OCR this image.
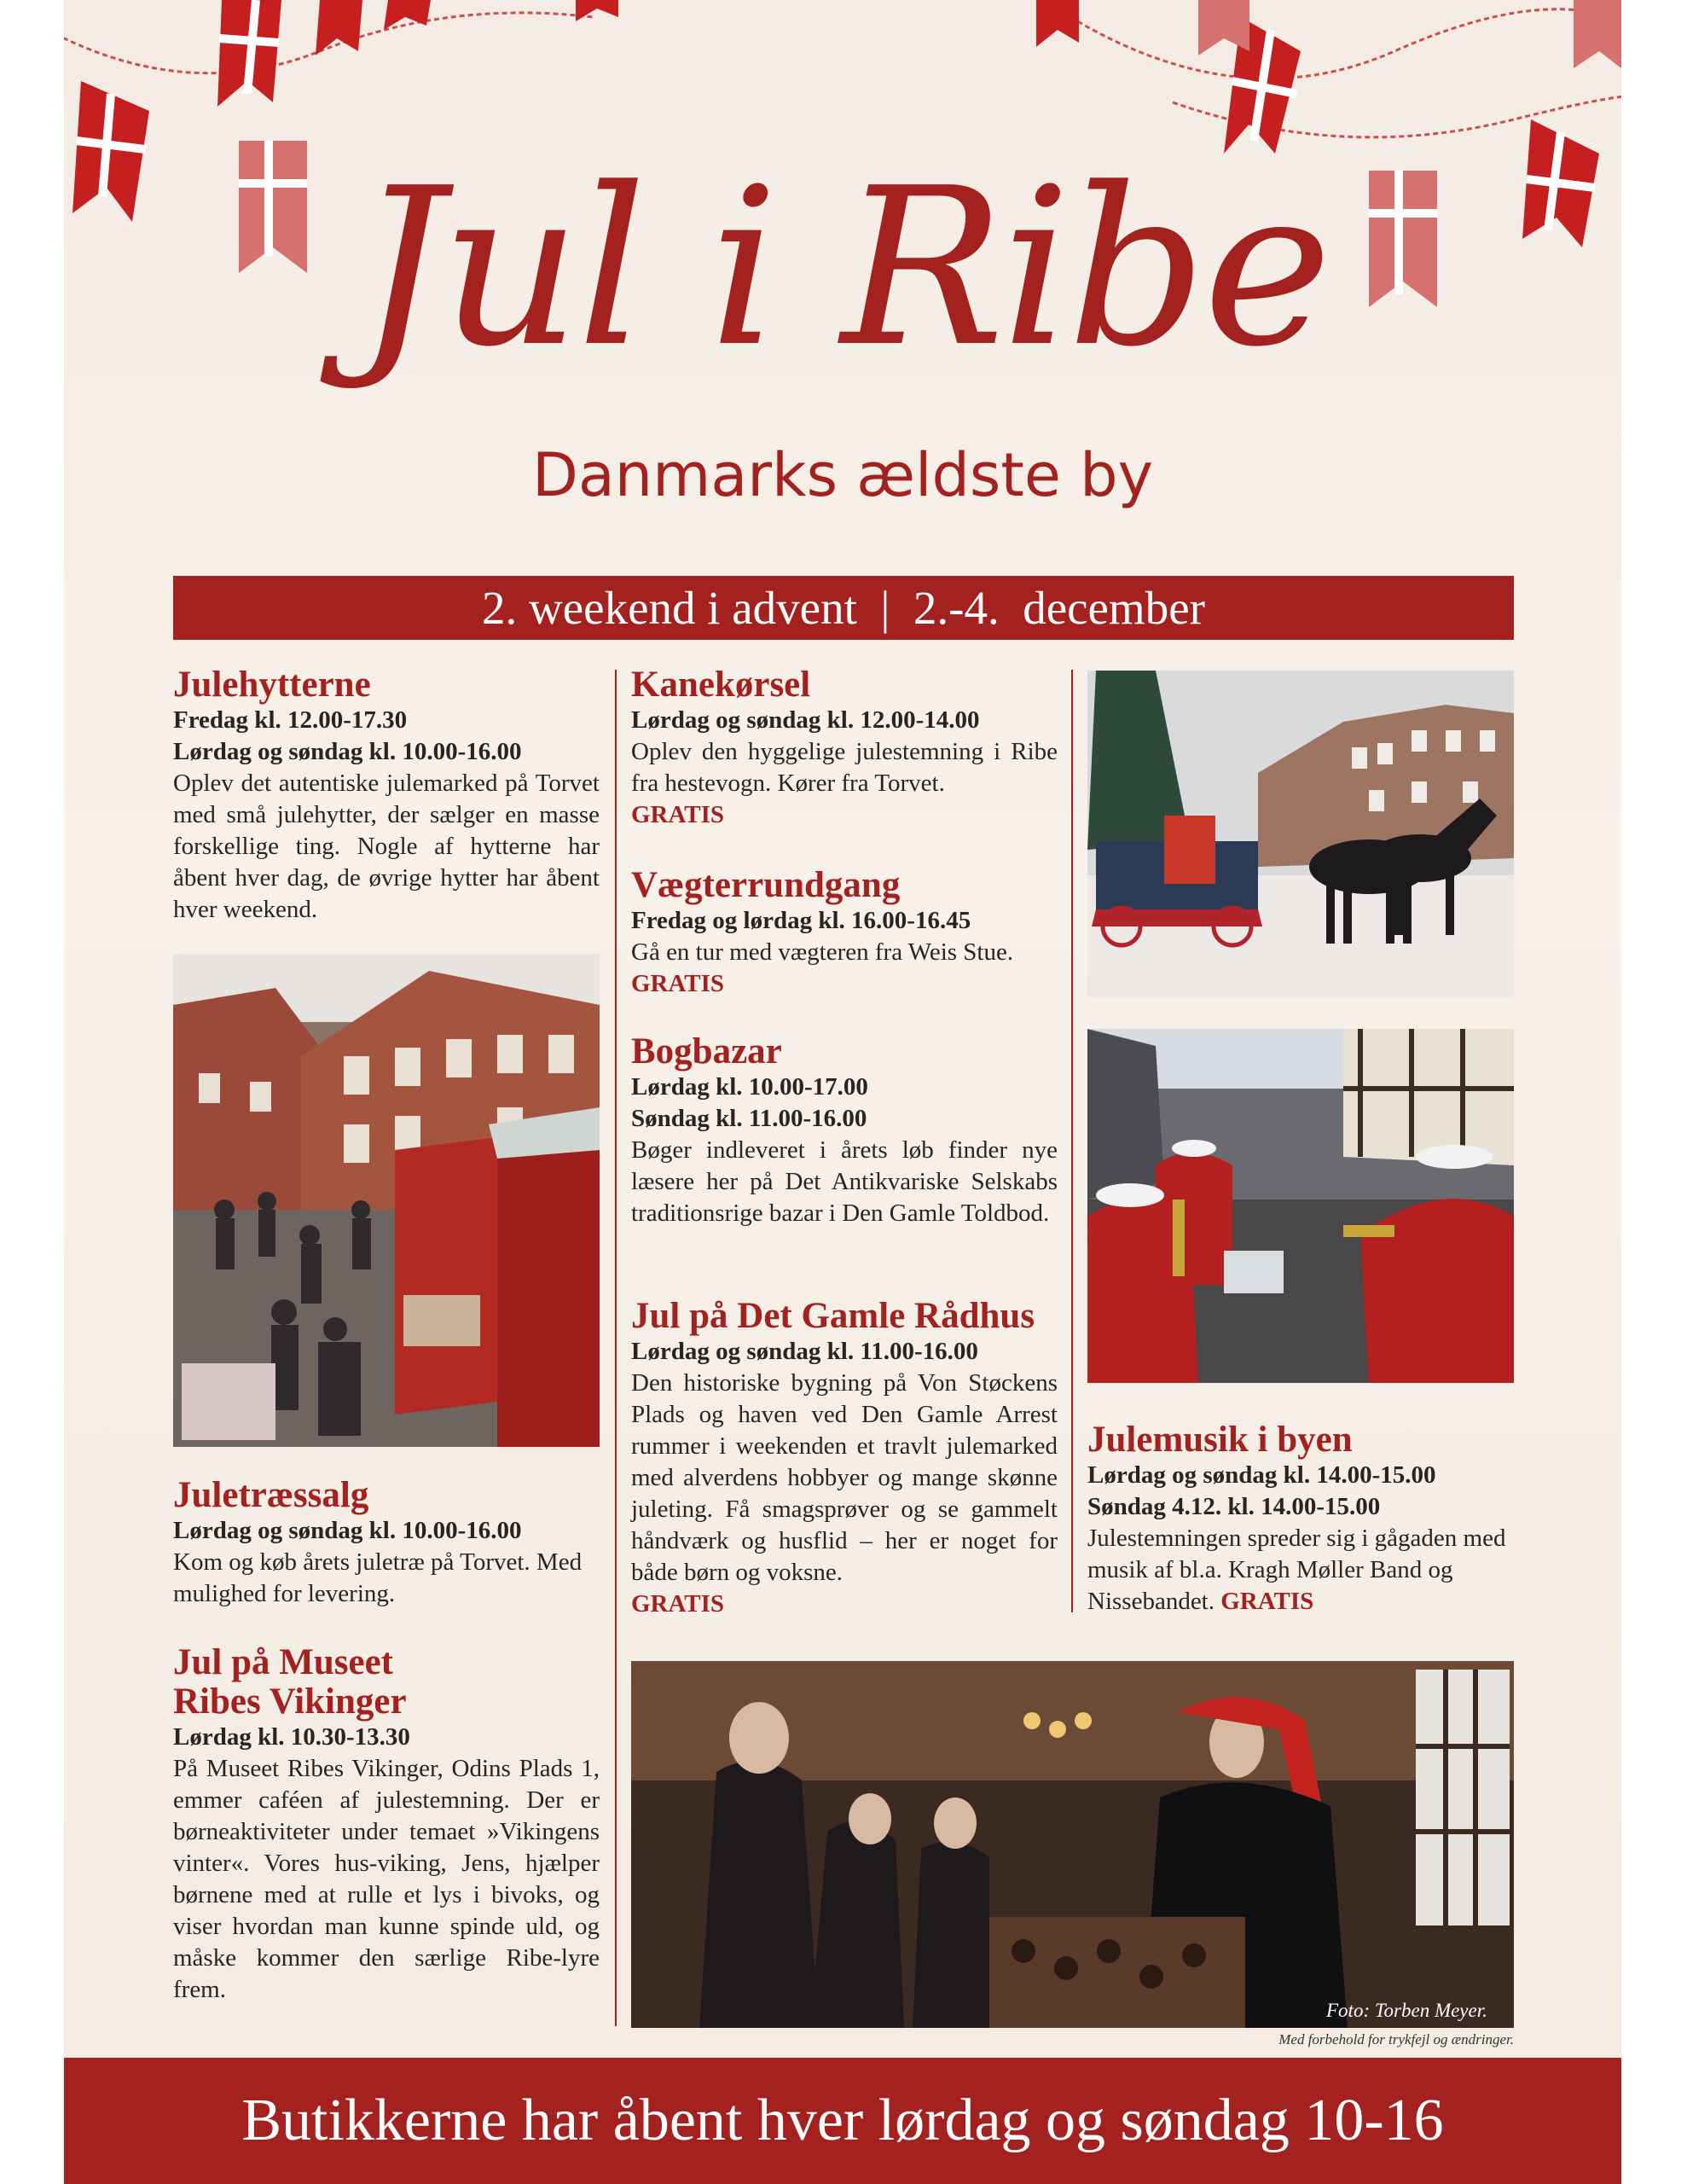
Jul i Ribe
Danmarks ældste by
2. weekend i advent  |  2.-4.  december
Julehytterne
Fredag kl. 12.00-17.30
Lørdag og søndag kl. 10.00-16.00

Oplev det autentiske julemarked på Torvet med små julehytter, der sælger en masse forskellige ting. Nogle af hytterne har åbent hver dag, de øvrige hytter har åbent hver weekend.

Juletræssalg
Lørdag og søndag kl. 10.00-16.00

Kom og køb årets juletræ på Torvet. Med mulighed for levering.

Jul på Museet
Ribes Vikinger
Lørdag kl. 10.30-13.30

På Museet Ribes Vikinger, Odins Plads 1, emmer caféen af julestemning. Der er børneaktiviteter under temaet »Vikingens vinter«. Vores hus-viking, Jens, hjælper børnene med at rulle et lys i bivoks, og viser hvordan man kunne spinde uld, og måske kommer den særlige Ribe-lyre frem.

Kanekørsel
Lørdag og søndag kl. 12.00-14.00

Oplev den hyggelige julestemning i Ribe fra hestevogn. Kører fra Torvet.

GRATIS
Vægterrundgang
Fredag og lørdag kl. 16.00-16.45

Gå en tur med vægteren fra Weis Stue.

GRATIS
Bogbazar
Lørdag kl. 10.00-17.00
Søndag kl. 11.00-16.00

Bøger indleveret i årets løb finder nye læsere her på Det Antikvariske Selskabs traditionsrige bazar i Den Gamle Toldbod.

Jul på Det Gamle Rådhus
Lørdag og søndag kl. 11.00-16.00

Den historiske bygning på Von Støckens Plads og haven ved Den Gamle Arrest rummer i weekenden et travlt julemarked med alverdens hobbyer og mange skønne juleting. Få smagsprøver og se gammelt håndværk og husflid – her er noget for både børn og voksne.

GRATIS
Julemusik i byen
Lørdag og søndag kl. 14.00-15.00
Søndag 4.12. kl. 14.00-15.00

Julestemningen spreder sig i gågaden med musik af bl.a. Kragh Møller Band og Nissebandet. GRATIS

Foto: Torben Meyer.
Med forbehold for trykfejl og ændringer.
Butikkerne har åbent hver lørdag og søndag 10-16
